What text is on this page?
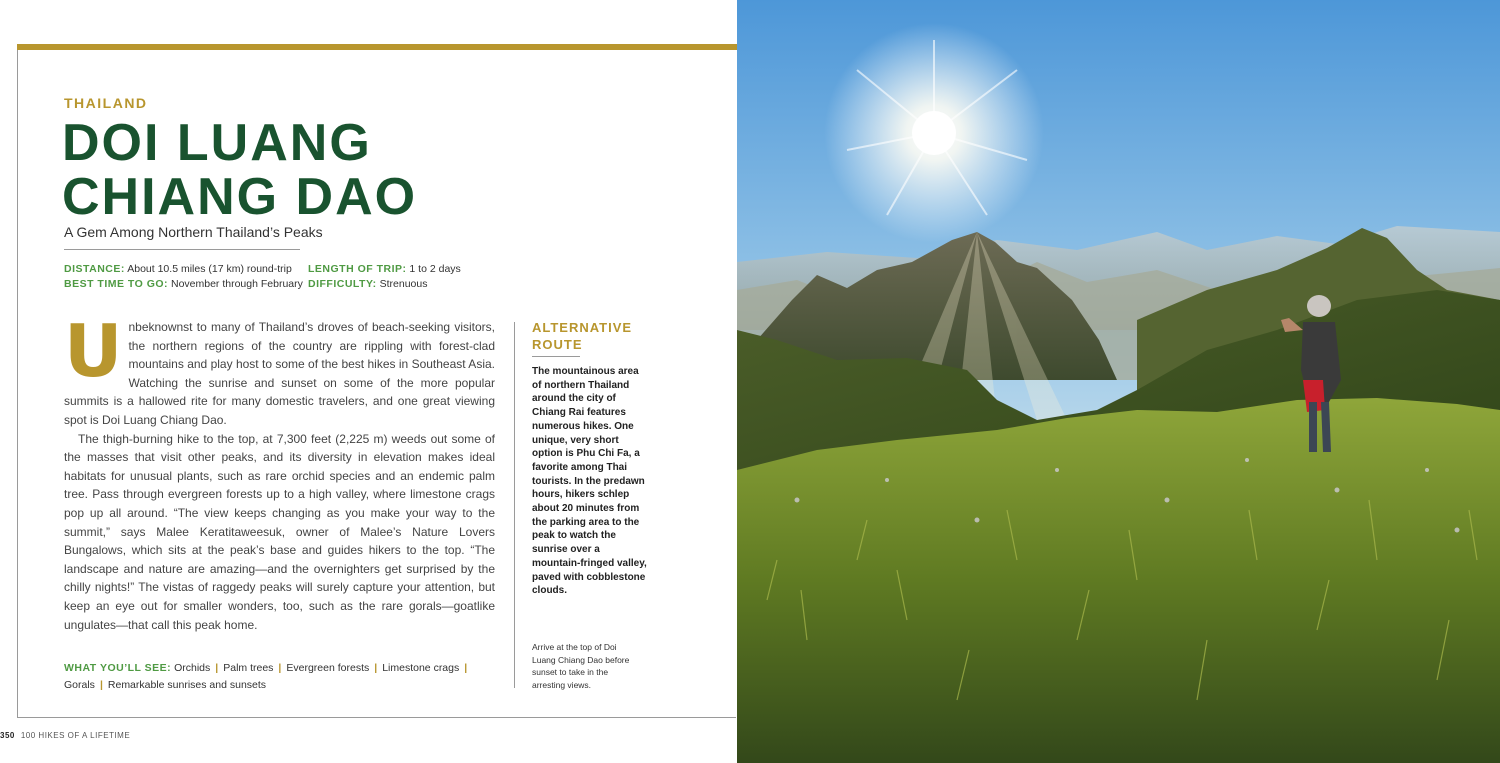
THAILAND
DOI LUANG
CHIANG DAO
A Gem Among Northern Thailand’s Peaks
DISTANCE: About 10.5 miles (17 km) round-trip LENGTH OF TRIP: 1 to 2 days
BEST TIME TO GO: November through February DIFFICULTY: Strenuous

Unbeknownst to many of Thailand’s droves of beach-seeking visitors, the northern regions of the country are rippling with forest-clad mountains and play host to some of the best hikes in Southeast Asia. Watching the sunrise and sunset on some of the more popular summits is a hallowed rite for many domestic travelers, and one great viewing spot is Doi Luang Chiang Dao.

The thigh-burning hike to the top, at 7,300 feet (2,225 m) weeds out some of the masses that visit other peaks, and its diversity in elevation makes ideal habitats for unusual plants, such as rare orchid species and an endemic palm tree. Pass through evergreen forests up to a high valley, where limestone crags pop up all around. “The view keeps changing as you make your way to the summit,” says Malee Keratitaweesuk, owner of Malee’s Nature Lovers Bungalows, which sits at the peak’s base and guides hikers to the top. “The landscape and nature are amazing—and the overnighters get surprised by the chilly nights!” The vistas of raggedy peaks will surely capture your attention, but keep an eye out for smaller wonders, too, such as the rare gorals—goatlike ungulates—that call this peak home.

WHAT YOU’LL SEE: Orchids | Palm trees | Evergreen forests | Limestone crags |
Gorals | Remarkable sunrises and sunsets
ALTERNATIVE ROUTE
The mountainous area of northern Thailand around the city of Chiang Rai features numerous hikes. One unique, very short option is Phu Chi Fa, a favorite among Thai tourists. In the predawn hours, hikers schlep about 20 minutes from the parking area to the peak to watch the sunrise over a mountain-fringed valley, paved with cobblestone clouds.
Arrive at the top of Doi Luang Chiang Dao before sunset to take in the arresting views.
350 100 HIKES OF A LIFETIME
